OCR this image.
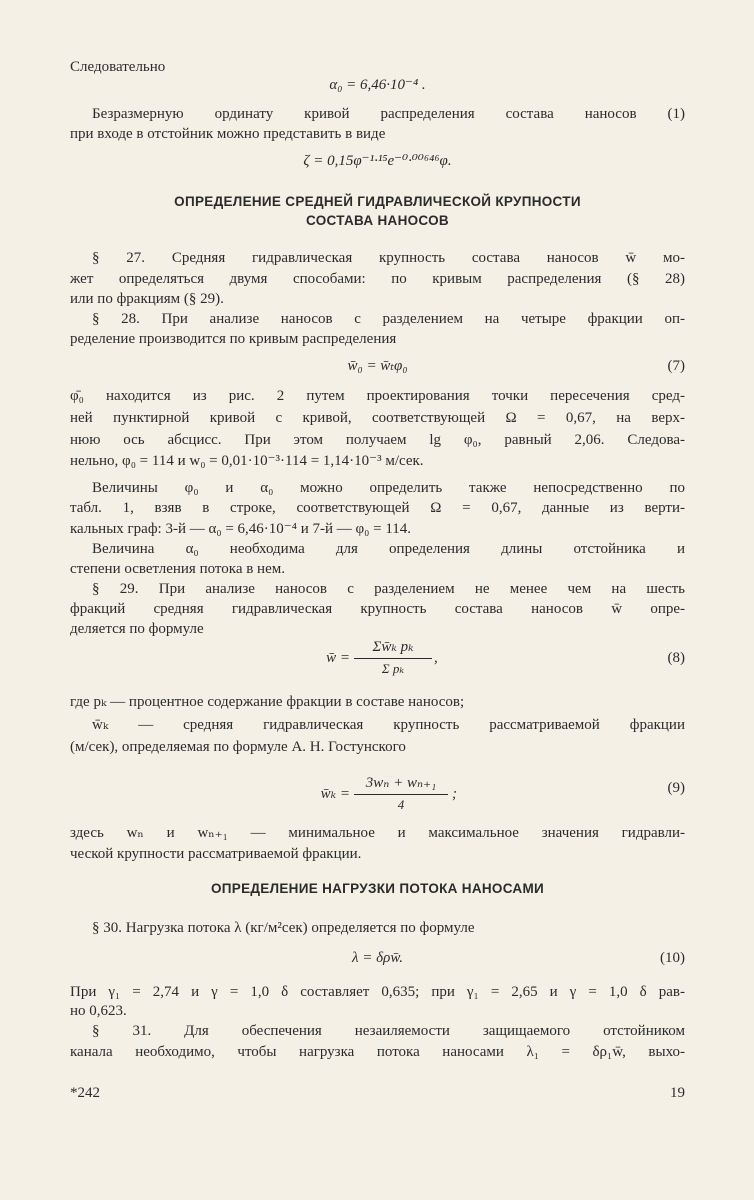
Следовательно
α₀ = 6,46·10⁻⁴ .
Безразмерную ординату кривой распределения состава наносов (1)
при входе в отстойник можно представить в виде
ζ = 0,15φ⁻¹·¹⁵e⁻⁰·⁰⁰⁶⁴⁶φ.
ОПРЕДЕЛЕНИЕ СРЕДНЕЙ ГИДРАВЛИЧЕСКОЙ КРУПНОСТИ
СОСТАВА НАНОСОВ
§ 27. Средняя гидравлическая крупность состава наносов w̄ мо-
жет определяться двумя способами: по кривым распределения (§ 28)
или по фракциям (§ 29).
§ 28. При анализе наносов с разделением на четыре фракции оп-
ределение производится по кривым распределения
w̄₀ = w̄ₜφ₀	(7)
φ̄₀ находится из рис. 2 путем проектирования точки пересечения сред-
ней пунктирной кривой с кривой, соответствующей Ω = 0,67, на верх-
нюю ось абсцисс. При этом получаем lg φ₀, равный 2,06. Следова-
нельно, φ₀ = 114 и w₀ = 0,01·10⁻³·114 = 1,14·10⁻³ м/сек.
Величины φ₀ и α₀ можно определить также непосредственно по
табл. 1, взяв в строке, соответствующей Ω = 0,67, данные из верти-
кальных граф: 3-й — α₀ = 6,46·10⁻⁴ и 7-й — φ₀ = 114.
Величина α₀ необходима для определения длины отстойника и
степени осветления потока в нем.
§ 29. При анализе наносов с разделением не менее чем на шесть
фракций средняя гидравлическая крупность состава наносов w̄ опре-
деляется по формуле
w̄ = $\frac{\text{Σw̄ₖ pₖ}}{\text{Σ pₖ}}$ ,	(8)
где pₖ — процентное содержание фракции в составе наносов;
w̄ₖ — средняя гидравлическая крупность рассматриваемой фракции
(м/сек), определяемая по формуле А. Н. Гостунского
w̄ₖ = $\frac{\text{3wₙ + wₙ₊₁}}{4}$ ;	(9)
здесь wₙ и wₙ₊₁ — минимальное и максимальное значения гидравли-
ческой крупности рассматриваемой фракции.
ОПРЕДЕЛЕНИЕ НАГРУЗКИ ПОТОКА НАНОСАМИ
§ 30. Нагрузка потока λ (кг/м²сек) определяется по формуле
λ = δρw̄.	(10)
При γ₁ = 2,74 и γ = 1,0 δ составляет 0,635; при γ₁ = 2,65 и γ = 1,0 δ рав-
но 0,623.
§ 31. Для обеспечения незаиляемости защищаемого отстойником
канала необходимо, чтобы нагрузка потока наносами λ₁ = δρ₁w̄, выхо-
*242	19
